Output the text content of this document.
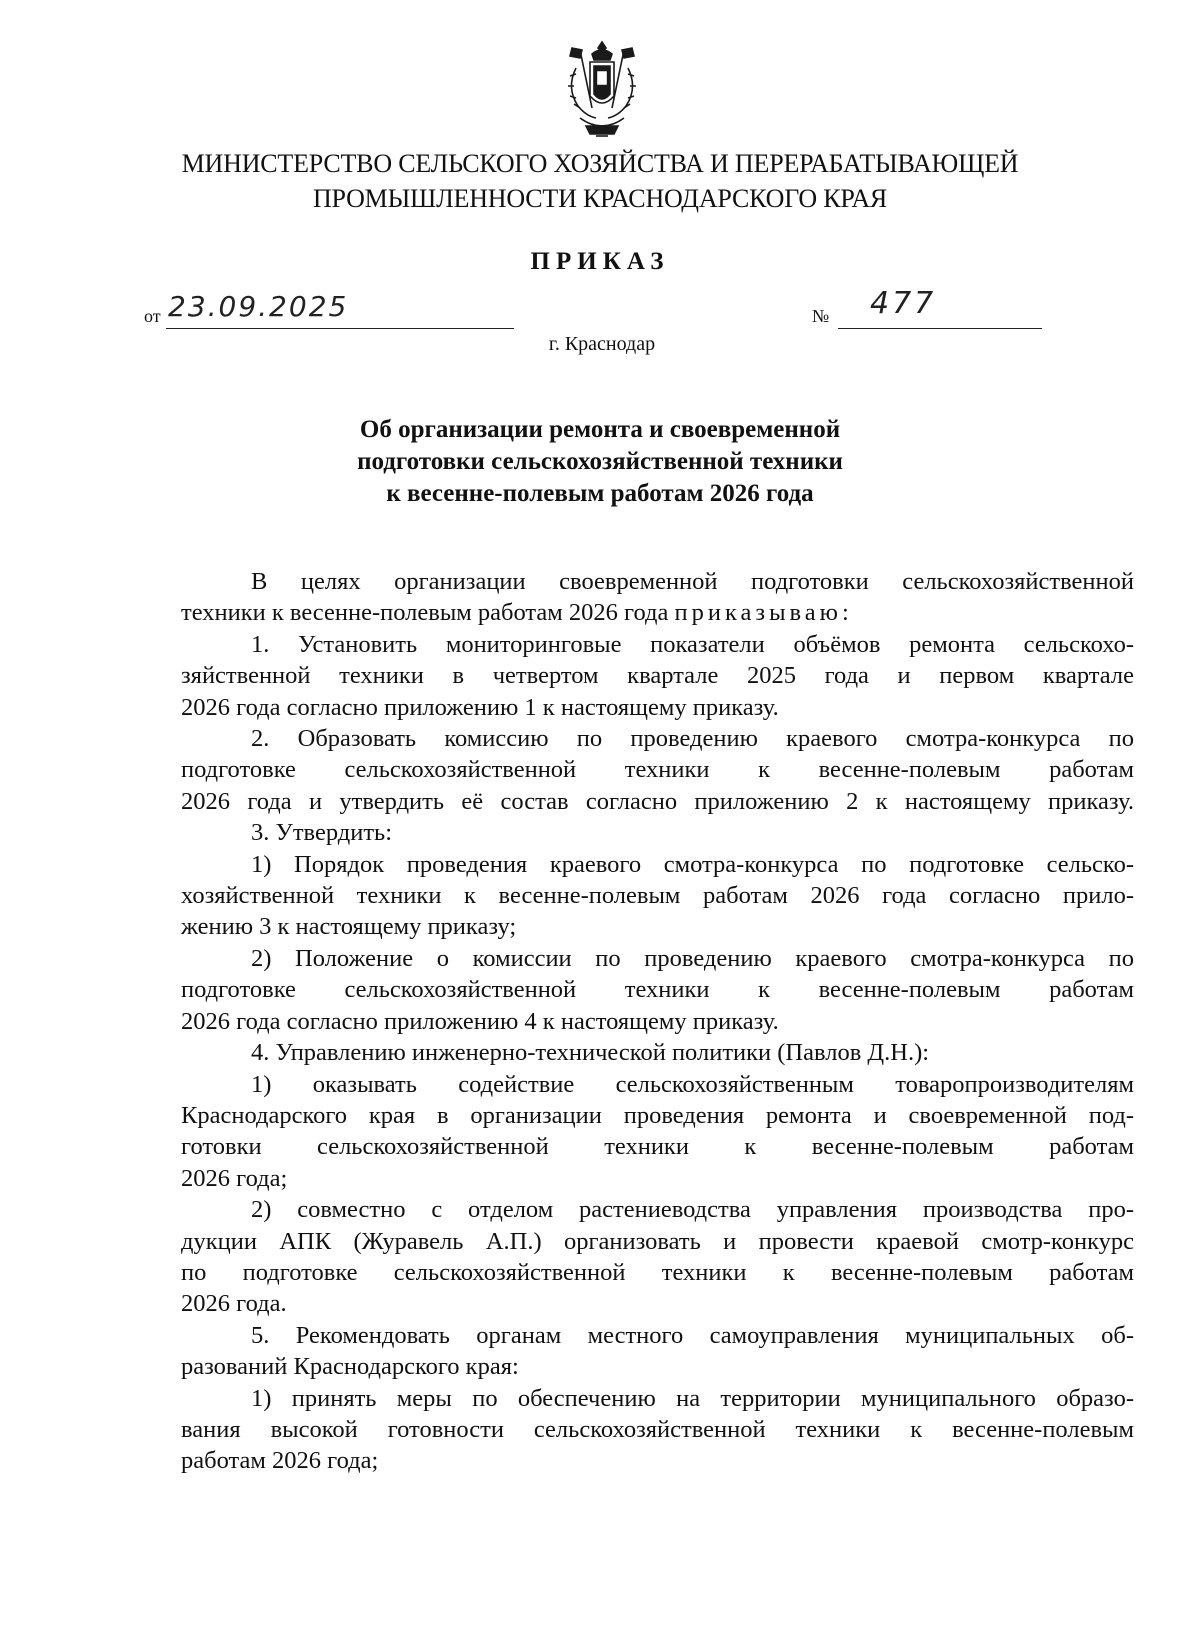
МИНИСТЕРСТВО СЕЛЬСКОГО ХОЗЯЙСТВА И ПЕРЕРАБАТЫВАЮЩЕЙ
ПРОМЫШЛЕННОСТИ КРАСНОДАРСКОГО КРАЯ
ПРИКАЗ
от 23.09.2025	№ 477
г. Краснодар
Об организации ремонта и своевременной
подготовки сельскохозяйственной техники
к весенне-полевым работам 2026 года
В целях организации своевременной подготовки сельскохозяйственной
техники к весенне-полевым работам 2026 года приказываю:
1. Установить мониторинговые показатели объёмов ремонта сельскохо-
зяйственной техники в четвертом квартале 2025 года и первом квартале
2026 года согласно приложению 1 к настоящему приказу.
2. Образовать комиссию по проведению краевого смотра-конкурса по
подготовке сельскохозяйственной техники к весенне-полевым работам
2026 года и утвердить её состав согласно приложению 2 к настоящему приказу.
3. Утвердить:
1) Порядок проведения краевого смотра-конкурса по подготовке сельско-
хозяйственной техники к весенне-полевым работам 2026 года согласно прило-
жению 3 к настоящему приказу;
2) Положение о комиссии по проведению краевого смотра-конкурса по
подготовке сельскохозяйственной техники к весенне-полевым работам
2026 года согласно приложению 4 к настоящему приказу.
4. Управлению инженерно-технической политики (Павлов Д.Н.):
1) оказывать содействие сельскохозяйственным товаропроизводителям
Краснодарского края в организации проведения ремонта и своевременной под-
готовки сельскохозяйственной техники к весенне-полевым работам
2026 года;
2) совместно с отделом растениеводства управления производства про-
дукции АПК (Журавель А.П.) организовать и провести краевой смотр-конкурс
по подготовке сельскохозяйственной техники к весенне-полевым работам
2026 года.
5. Рекомендовать органам местного самоуправления муниципальных об-
разований Краснодарского края:
1) принять меры по обеспечению на территории муниципального образо-
вания высокой готовности сельскохозяйственной техники к весенне-полевым
работам 2026 года;
